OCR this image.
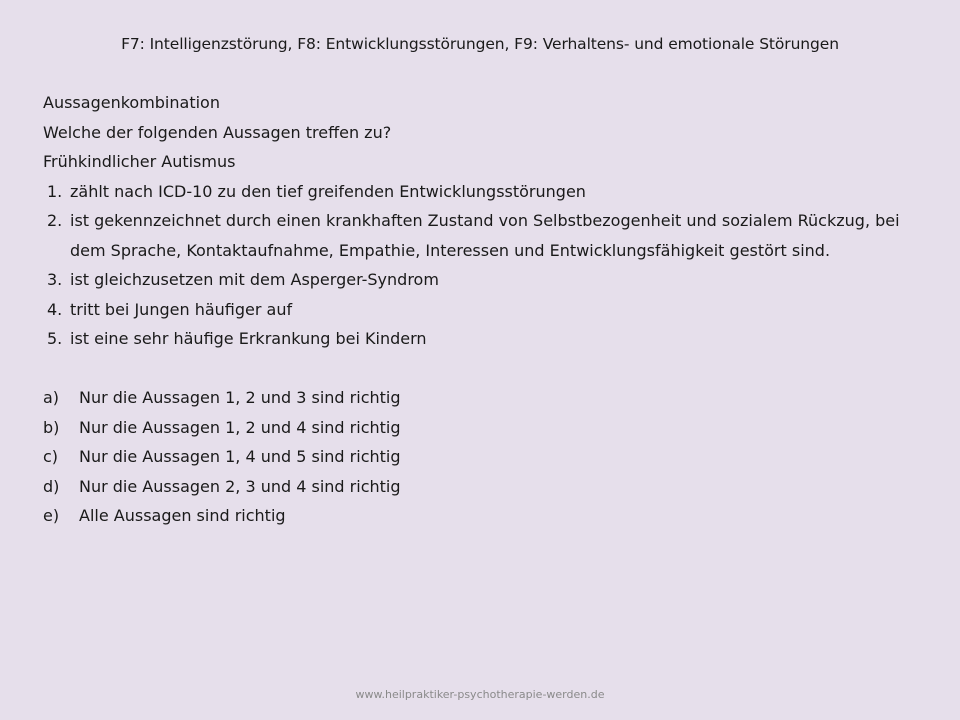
F7: Intelligenzstörung, F8: Entwicklungsstörungen, F9: Verhaltens- und emotionale Störungen
Aussagenkombination
Welche der folgenden Aussagen treffen zu?
Frühkindlicher Autismus
1. zählt nach ICD-10 zu den tief greifenden Entwicklungsstörungen
2. ist gekennzeichnet durch einen krankhaften Zustand von Selbstbezogenheit und sozialem Rückzug, bei dem Sprache, Kontaktaufnahme, Empathie, Interessen und Entwicklungsfähigkeit gestört sind.
3. ist gleichzusetzen mit dem Asperger-Syndrom
4. tritt bei Jungen häufiger auf
5. ist eine sehr häufige Erkrankung bei Kindern
a) Nur die Aussagen 1, 2 und 3 sind richtig
b) Nur die Aussagen 1, 2 und 4 sind richtig
c) Nur die Aussagen 1, 4 und 5 sind richtig
d) Nur die Aussagen 2, 3 und 4 sind richtig
e) Alle Aussagen sind richtig
www.heilpraktiker-psychotherapie-werden.de
